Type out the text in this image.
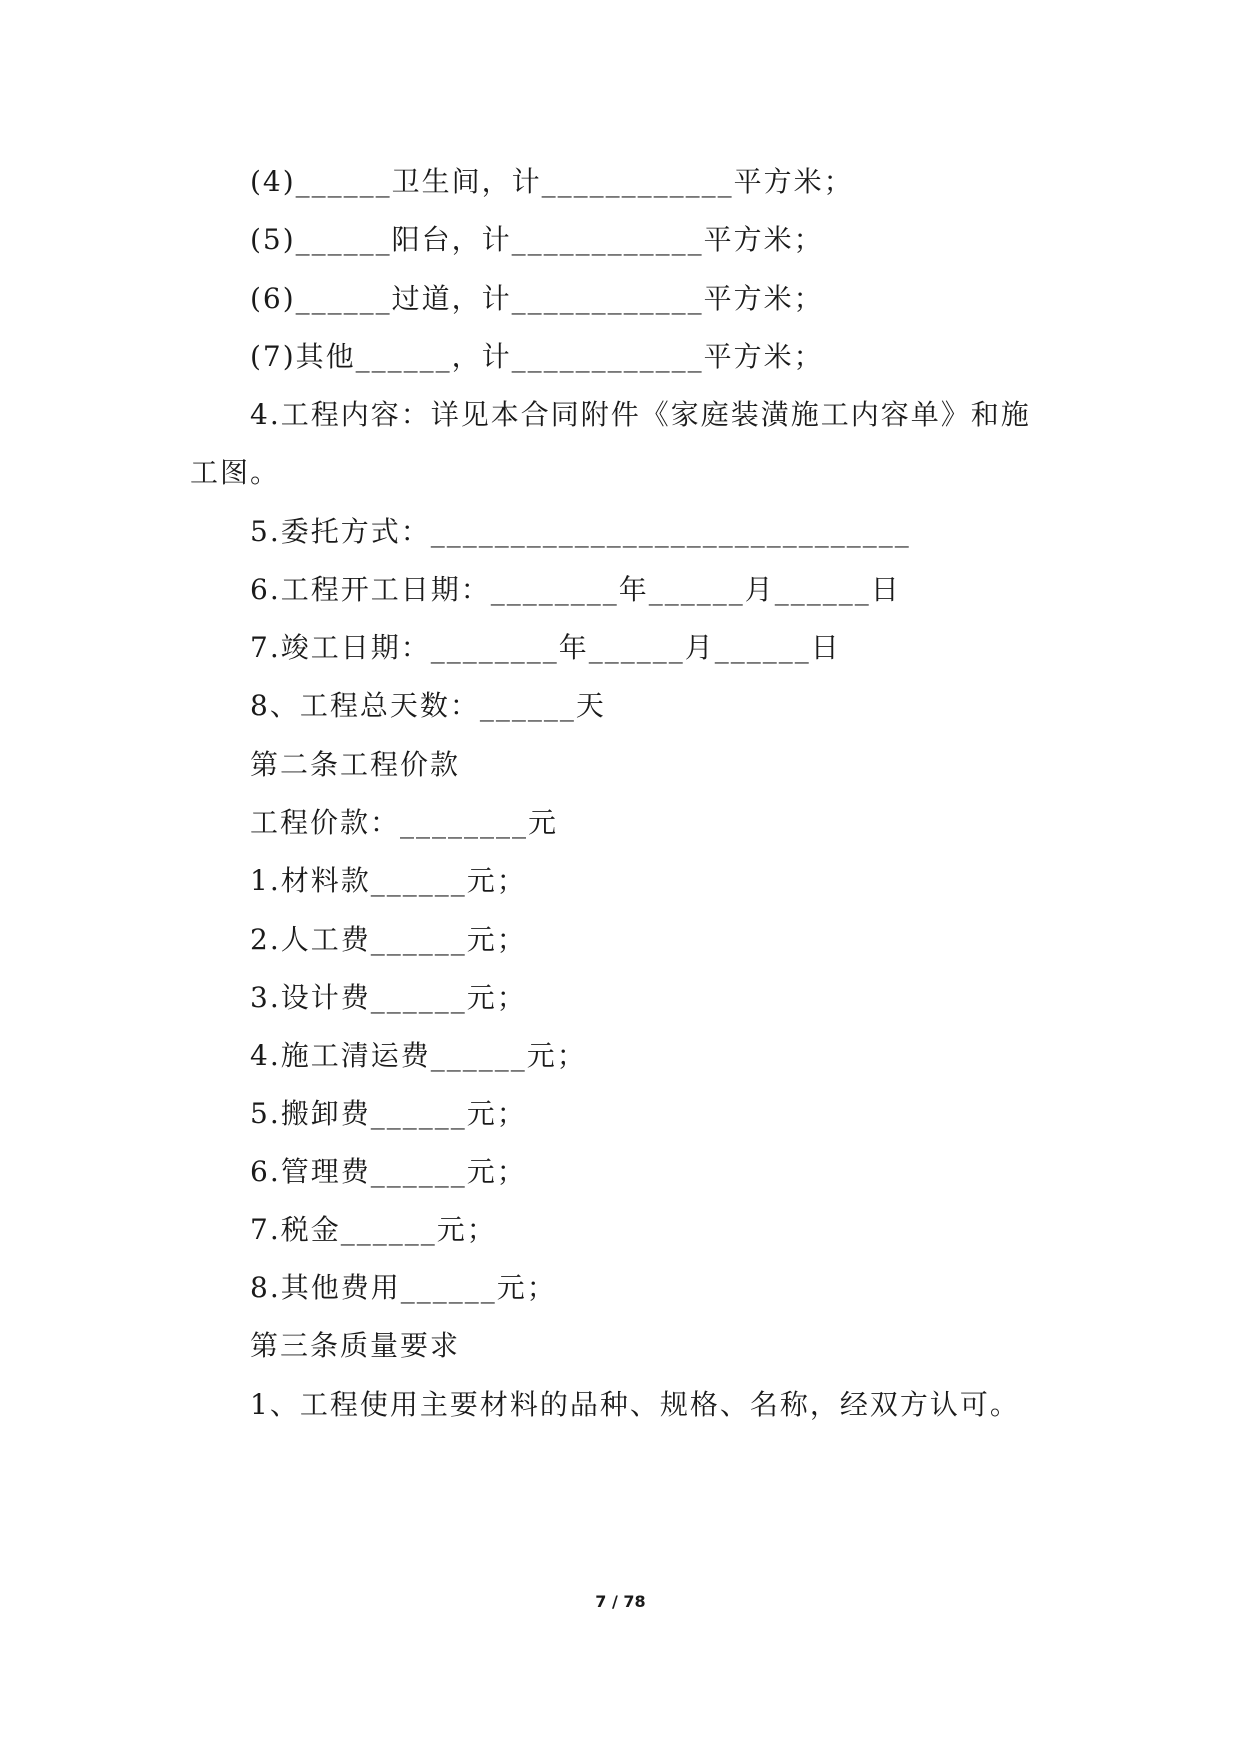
(4)______卫生间，计____________平方米；
(5)______阳台，计____________平方米；
(6)______过道，计____________平方米；
(7)其他______，计____________平方米；
4.工程内容：详见本合同附件《家庭装潢施工内容单》和施
工图。
5.委托方式：______________________________
6.工程开工日期：________年______月______日
7.竣工日期：________年______月______日
8、工程总天数：______天
第二条工程价款
工程价款：________元
1.材料款______元；
2.人工费______元；
3.设计费______元；
4.施工清运费______元；
5.搬卸费______元；
6.管理费______元；
7.税金______元；
8.其他费用______元；
第三条质量要求
1、工程使用主要材料的品种、规格、名称，经双方认可。
7 / 78
